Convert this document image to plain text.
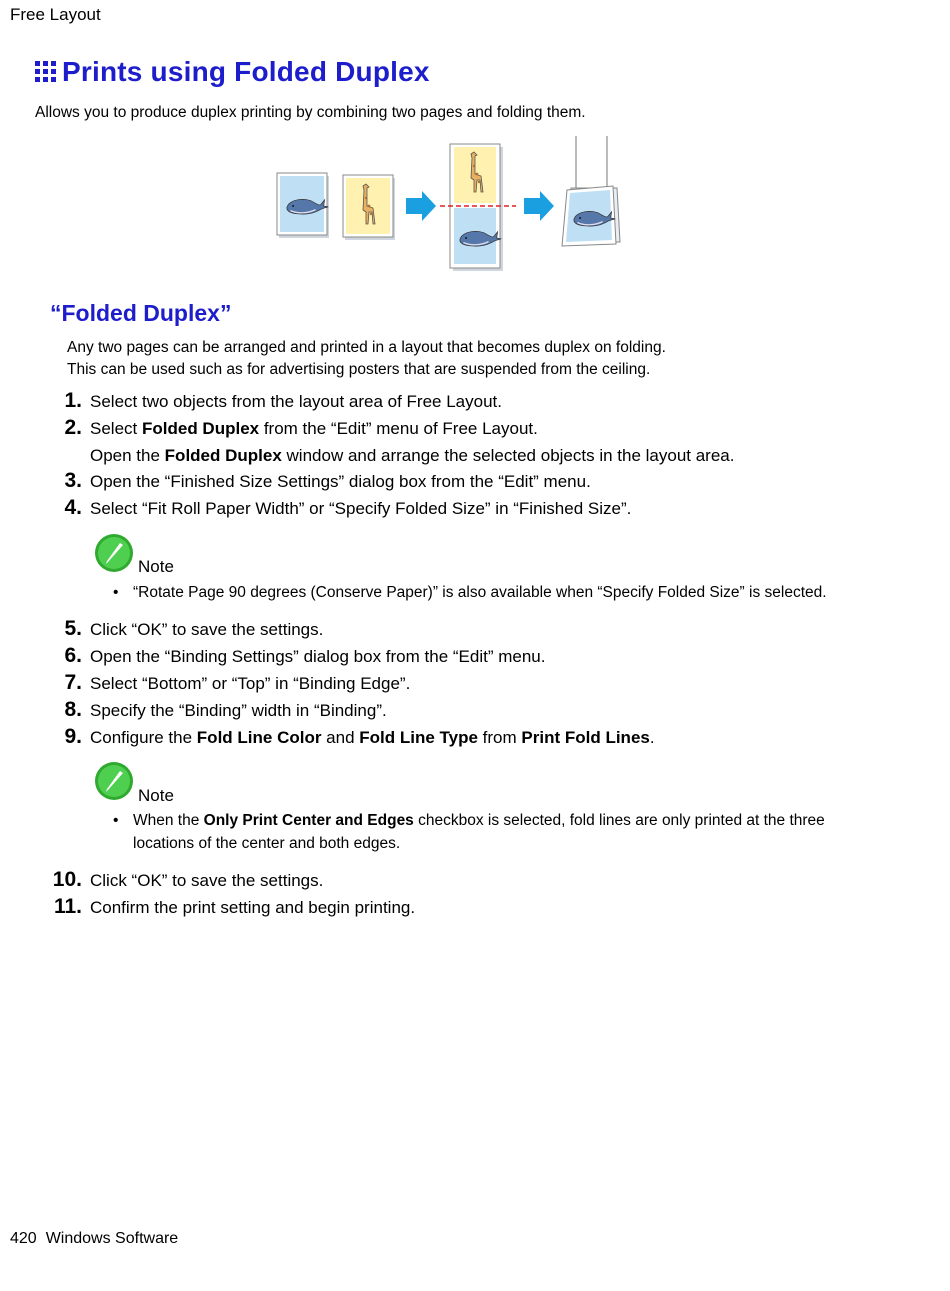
Free Layout
Prints using Folded Duplex
Allows you to produce duplex printing by combining two pages and folding them.
“Folded Duplex”
Any two pages can be arranged and printed in a layout that becomes duplex on folding.
This can be used such as for advertising posters that are suspended from the ceiling.
1. Select two objects from the layout area of Free Layout.
2. Select Folded Duplex from the “Edit” menu of Free Layout.
Open the Folded Duplex window and arrange the selected objects in the layout area.
3. Open the “Finished Size Settings” dialog box from the “Edit” menu.
4. Select “Fit Roll Paper Width” or “Specify Folded Size” in “Finished Size”.
Note
• “Rotate Page 90 degrees (Conserve Paper)” is also available when “Specify Folded Size” is selected.
5. Click “OK” to save the settings.
6. Open the “Binding Settings” dialog box from the “Edit” menu.
7. Select “Bottom” or “Top” in “Binding Edge”.
8. Specify the “Binding” width in “Binding”.
9. Configure the Fold Line Color and Fold Line Type from Print Fold Lines.
Note
• When the Only Print Center and Edges checkbox is selected, fold lines are only printed at the three locations of the center and both edges.
10. Click “OK” to save the settings.
11. Confirm the print setting and begin printing.
420 Windows Software
